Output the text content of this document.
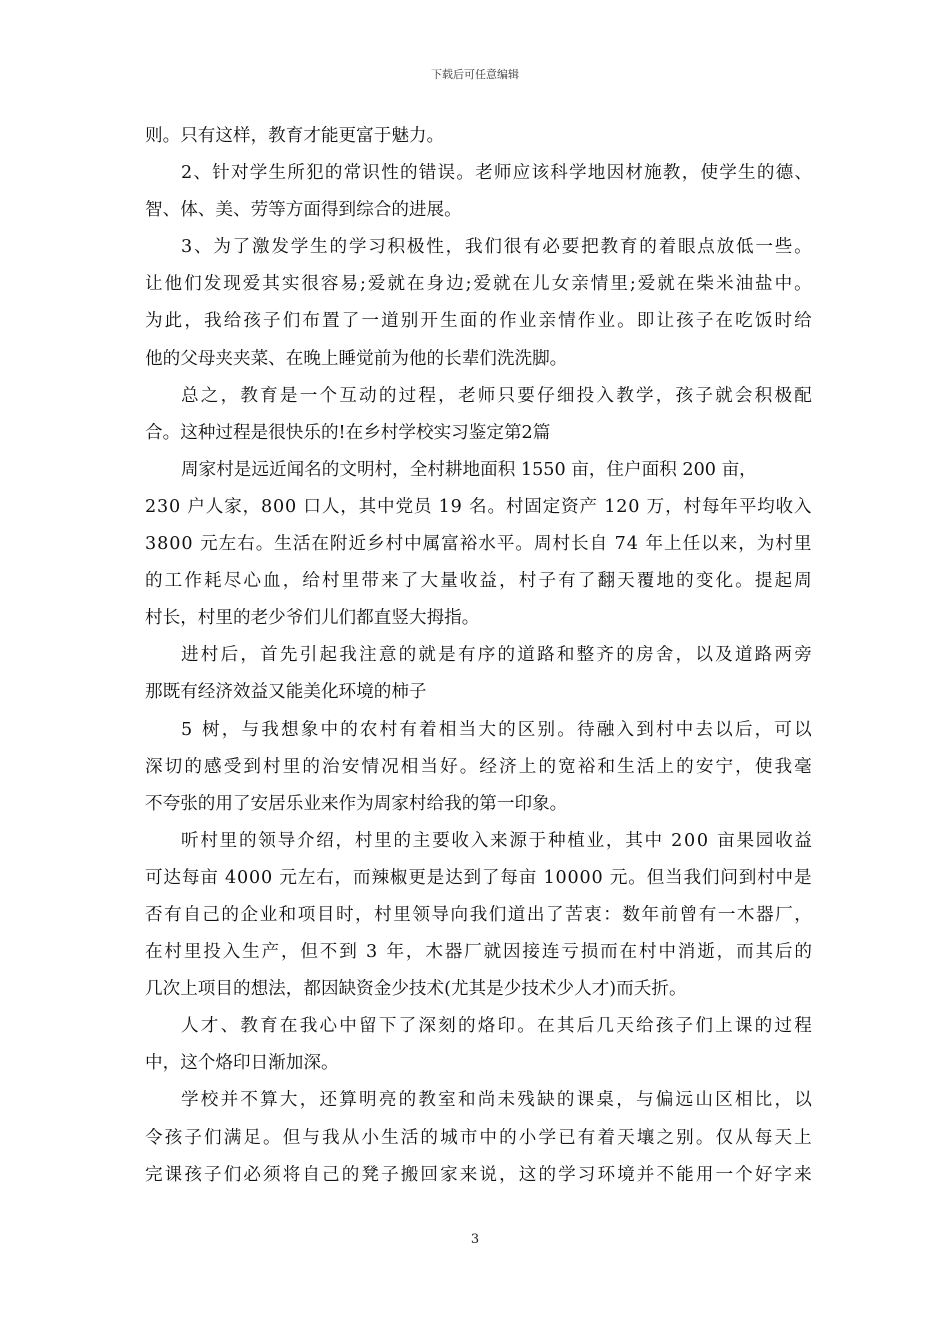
下载后可任意编辑
则。只有这样，教育才能更富于魅力。
2 、 针 对 学 生 所 犯 的 常 识 性 的 错 误 。 老 师 应 该 科 学 地 因 材 施 教 ， 使 学 生 的 德 、
智、体、美、劳等方面得到综合的进展。
3 、 为 了 激 发 学 生 的 学 习 积 极 性 ， 我 们 很 有 必 要 把 教 育 的 着 眼 点 放 低 一 些 。
让 他 们 发 现 爱 其 实 很 容 易 ; 爱 就 在 身 边 ; 爱 就 在 儿 女 亲 情 里 ; 爱 就 在 柴 米 油 盐 中 。
为 此 ， 我 给 孩 子 们 布 置 了 一 道 别 开 生 面 的 作 业 亲 情 作 业 。 即 让 孩 子 在 吃 饭 时 给
他的父母夹夹菜、在晚上睡觉前为他的长辈们洗洗脚。
总 之 ， 教 育 是 一 个 互 动 的 过 程 ， 老 师 只 要 仔 细 投 入 教 学 ， 孩 子 就 会 积 极 配
合。这种过程是很快乐的!在乡村学校实习鉴定第2篇
周家村是远近闻名的文明村，全村耕地面积 1550 亩，住户面积 200 亩，
2 3 0
户 人 家 ， 8 0 0
口 人 ， 其 中 党 员
1 9
名 。 村 固 定 资 产
1 2 0
万 ， 村 每 年 平 均 收 入
3 8 0 0
元 左 右 。 生 活 在 附 近 乡 村 中 属 富 裕 水 平 。 周 村 长 自
7 4
年 上 任 以 来 ， 为 村 里
的 工 作 耗 尽 心 血 ， 给 村 里 带 来 了 大 量 收 益 ， 村 子 有 了 翻 天 覆 地 的 变 化 。 提 起 周
村长，村里的老少爷们儿们都直竖大拇指。
进 村 后 ， 首 先 引 起 我 注 意 的 就 是 有 序 的 道 路 和 整 齐 的 房 舍 ， 以 及 道 路 两 旁
那既有经济效益又能美化环境的柿子
5
树 ， 与 我 想 象 中 的 农 村 有 着 相 当 大 的 区 别 。 待 融 入 到 村 中 去 以 后 ， 可 以
深 切 的 感 受 到 村 里 的 治 安 情 况 相 当 好 。 经 济 上 的 宽 裕 和 生 活 上 的 安 宁 ， 使 我 毫
不夸张的用了安居乐业来作为周家村给我的第一印象。
听 村 里 的 领 导 介 绍 ， 村 里 的 主 要 收 入 来 源 于 种 植 业 ， 其 中
2 0 0
亩 果 园 收 益
可 达 每 亩
4 0 0 0
元 左 右 ， 而 辣 椒 更 是 达 到 了 每 亩
1 0 0 0 0
元 。 但 当 我 们 问 到 村 中 是
否 有 自 己 的 企 业 和 项 目 时 ， 村 里 领 导 向 我 们 道 出 了 苦 衷 ： 数 年 前 曾 有 一 木 器 厂 ，
在 村 里 投 入 生 产 ， 但 不 到
3
年 ， 木 器 厂 就 因 接 连 亏 损 而 在 村 中 消 逝 ， 而 其 后 的
几次上项目的想法，都因缺资金少技术(尤其是少技术少人才)而夭折。
人 才 、 教 育 在 我 心 中 留 下 了 深 刻 的 烙 印 。 在 其 后 几 天 给 孩 子 们 上 课 的 过 程
中，这个烙印日渐加深。
学 校 并 不 算 大 ， 还 算 明 亮 的 教 室 和 尚 未 残 缺 的 课 桌 ， 与 偏 远 山 区 相 比 ， 以
令 孩 子 们 满 足 。 但 与 我 从 小 生 活 的 城 市 中 的 小 学 已 有 着 天 壤 之 别 。 仅 从 每 天 上
完 课 孩 子 们 必 须 将 自 己 的 凳 子 搬 回 家 来 说 ， 这 的 学 习 环 境 并 不 能 用 一 个 好 字 来
3
